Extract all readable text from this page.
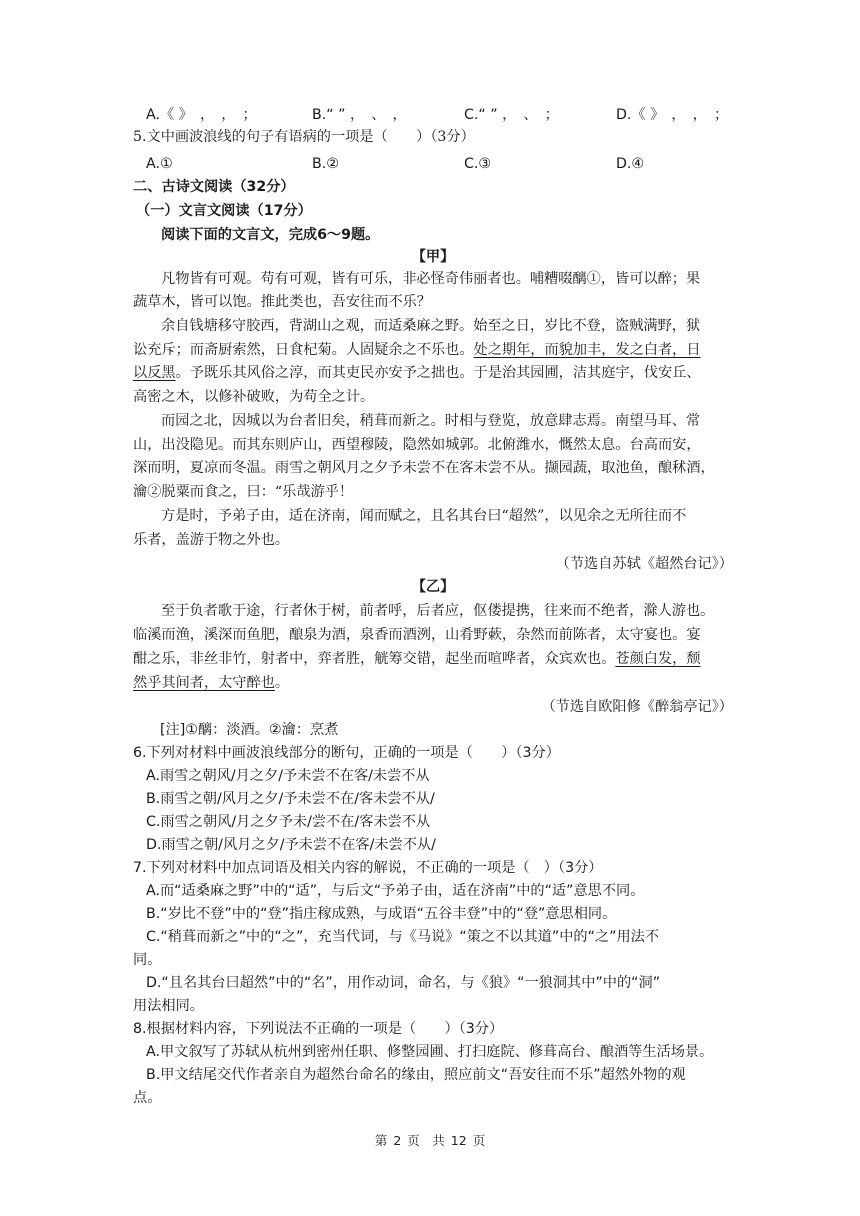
A.《 》　，　，　；	B.“ ” ，　、　，	C.“ ” ，　、　；	D.《 》　，　，　；
5.文中画波浪线的句子有语病的一项是（　　）（3分）
A.①	B.②	C.③	D.④
二、古诗文阅读（32分）
（一）文言文阅读（17分）
阅读下面的文言文，完成6～9题。
【甲】
凡物皆有可观。苟有可观，皆有可乐，非必怪奇伟丽者也。哺糟啜醨①，皆可以醉；果
蔬草木，皆可以饱。推此类也，吾安往而不乐？
余自钱塘移守胶西，背湖山之观，而适桑麻之野。始至之日，岁比不登，盗贼满野，狱
讼充斥；而斋厨索然，日食杞菊。人固疑余之不乐也。处之期年，而貌加丰，发之白者，日
以反黑。予既乐其风俗之淳，而其吏民亦安予之拙也。于是治其园圃，洁其庭宇，伐安丘、
高密之木，以修补破败，为苟全之计。
而园之北，因城以为台者旧矣，稍葺而新之。时相与登览，放意肆志焉。南望马耳、常
山，出没隐见。而其东则庐山，西望穆陵，隐然如城郭。北俯潍水，慨然太息。台高而安，
深而明，夏凉而冬温。雨雪之朝风月之夕予未尝不在客未尝不从。撷园蔬，取池鱼，酿秫酒，
瀹②脱粟而食之，曰：“乐哉游乎！
方是时，予弟子由，适在济南，闻而赋之，且名其台曰“超然”，以见余之无所往而不
乐者，盖游于物之外也。
（节选自苏轼《超然台记》）
【乙】
至于负者歌于途，行者休于树，前者呼，后者应，伛偻提携，往来而不绝者，滁人游也。
临溪而渔，溪深而鱼肥，酿泉为酒，泉香而酒洌，山肴野蔌，杂然而前陈者，太守宴也。宴
酣之乐，非丝非竹，射者中，弈者胜，觥筹交错，起坐而喧哗者，众宾欢也。苍颜白发，颓
然乎其间者，太守醉也。
（节选自欧阳修《醉翁亭记》）
[注]①醨：淡酒。②瀹：烹煮
6.下列对材料中画波浪线部分的断句，正确的一项是（　　）（3分）
A.雨雪之朝风/月之夕/予未尝不在客/未尝不从
B.雨雪之朝/风月之夕/予未尝不在/客未尝不从/
C.雨雪之朝风/月之夕予未/尝不在/客未尝不从
D.雨雪之朝/风月之夕/予未尝不在客/未尝不从/
7.下列对材料中加点词语及相关内容的解说，不正确的一项是（　）（3分）
A.而“适桑麻之野”中的“适”，与后文“予弟子由，适在济南”中的“适”意思不同。
B.“岁比不登”中的“登”指庄稼成熟，与成语“五谷丰登”中的“登”意思相同。
C.“稍葺而新之”中的“之”，充当代词，与《马说》“策之不以其道”中的“之”用法不
同。
D.“且名其台曰超然”中的“名”，用作动词，命名，与《狼》“一狼洞其中”中的“洞”
用法相同。
8.根据材料内容，下列说法不正确的一项是（　　）（3分）
A.甲文叙写了苏轼从杭州到密州任职、修整园圃、打扫庭院、修葺高台、酿酒等生活场景。
B.甲文结尾交代作者亲自为超然台命名的缘由，照应前文“吾安往而不乐”超然外物的观
点。
第 2 页　共 12 页
